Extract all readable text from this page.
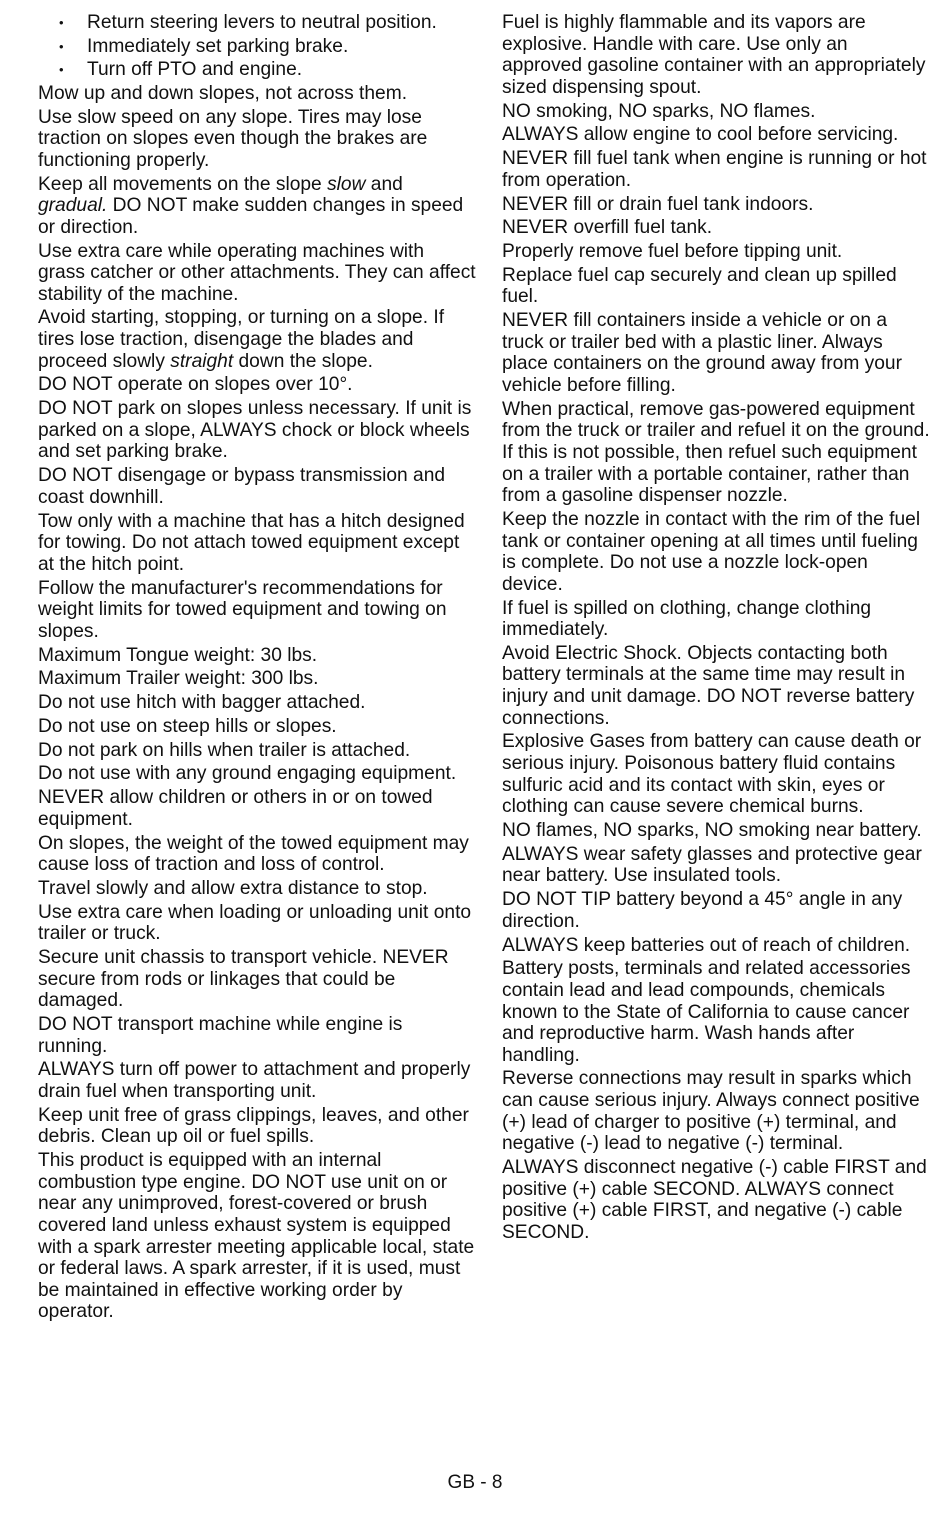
• Return steering levers to neutral position.
• Immediately set parking brake.
• Turn off PTO and engine.

Mow up and down slopes, not across them.

Use slow speed on any slope. Tires may lose traction on slopes even though the brakes are functioning properly.

Keep all movements on the slope slow and gradual. DO NOT make sudden changes in speed or direction.

Use extra care while operating machines with grass catcher or other attachments. They can affect stability of the machine.

Avoid starting, stopping, or turning on a slope. If tires lose traction, disengage the blades and proceed slowly straight down the slope.

DO NOT operate on slopes over 10°.

DO NOT park on slopes unless necessary. If unit is parked on a slope, ALWAYS chock or block wheels and set parking brake.

DO NOT disengage or bypass transmission and coast downhill.

Tow only with a machine that has a hitch designed for towing. Do not attach towed equipment except at the hitch point.

Follow the manufacturer's recommendations for weight limits for towed equipment and towing on slopes.

Maximum Tongue weight: 30 lbs.

Maximum Trailer weight: 300 lbs.

Do not use hitch with bagger attached.

Do not use on steep hills or slopes.

Do not park on hills when trailer is attached.

Do not use with any ground engaging equipment.

NEVER allow children or others in or on towed equipment.

On slopes, the weight of the towed equipment may cause loss of traction and loss of control.

Travel slowly and allow extra distance to stop.

Use extra care when loading or unloading unit onto trailer or truck.

Secure unit chassis to transport vehicle. NEVER secure from rods or linkages that could be damaged.

DO NOT transport machine while engine is running.

ALWAYS turn off power to attachment and properly drain fuel when transporting unit.

Keep unit free of grass clippings, leaves, and other debris. Clean up oil or fuel spills.

This product is equipped with an internal combustion type engine. DO NOT use unit on or near any unimproved, forest-covered or brush covered land unless exhaust system is equipped with a spark arrester meeting applicable local, state or federal laws. A spark arrester, if it is used, must be maintained in effective working order by operator.

Fuel is highly flammable and its vapors are explosive. Handle with care. Use only an approved gasoline container with an appropriately sized dispensing spout.

NO smoking, NO sparks, NO flames.

ALWAYS allow engine to cool before servicing.

NEVER fill fuel tank when engine is running or hot from operation.

NEVER fill or drain fuel tank indoors.

NEVER overfill fuel tank.

Properly remove fuel before tipping unit.

Replace fuel cap securely and clean up spilled fuel.

NEVER fill containers inside a vehicle or on a truck or trailer bed with a plastic liner. Always place containers on the ground away from your vehicle before filling.

When practical, remove gas-powered equipment from the truck or trailer and refuel it on the ground. If this is not possible, then refuel such equipment on a trailer with a portable container, rather than from a gasoline dispenser nozzle.

Keep the nozzle in contact with the rim of the fuel tank or container opening at all times until fueling is complete. Do not use a nozzle lock-open device.

If fuel is spilled on clothing, change clothing immediately.

Avoid Electric Shock. Objects contacting both battery terminals at the same time may result in injury and unit damage. DO NOT reverse battery connections.

Explosive Gases from battery can cause death or serious injury. Poisonous battery fluid contains sulfuric acid and its contact with skin, eyes or clothing can cause severe chemical burns.

NO flames, NO sparks, NO smoking near battery.

ALWAYS wear safety glasses and protective gear near battery. Use insulated tools.

DO NOT TIP battery beyond a 45° angle in any direction.

ALWAYS keep batteries out of reach of children.

Battery posts, terminals and related accessories contain lead and lead compounds, chemicals known to the State of California to cause cancer and reproductive harm. Wash hands after handling.

Reverse connections may result in sparks which can cause serious injury. Always connect positive (+) lead of charger to positive (+) terminal, and negative (-) lead to negative (-) terminal.

ALWAYS disconnect negative (-) cable FIRST and positive (+) cable SECOND. ALWAYS connect positive (+) cable FIRST, and negative (-) cable SECOND.

GB - 8
